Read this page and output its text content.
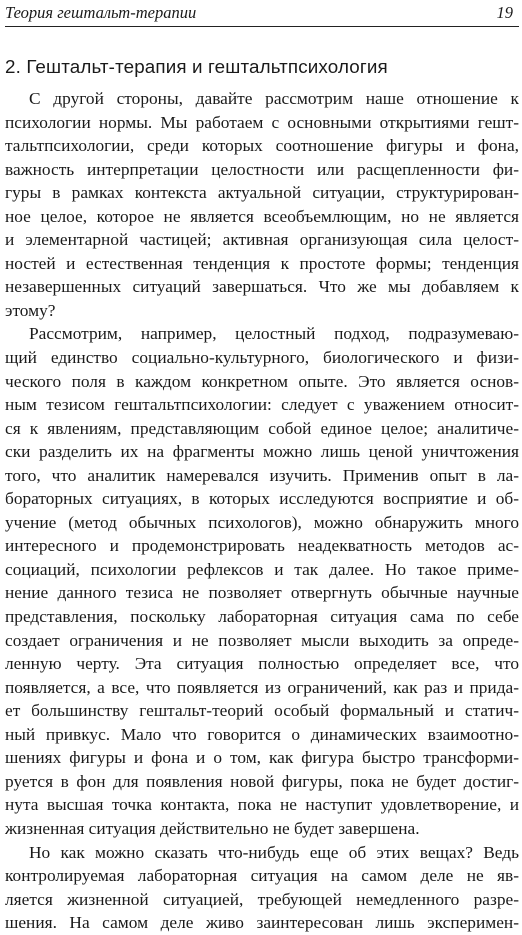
Теория гештальт-терапии	19
2. Гештальт-терапия и гештальтпсихология

С другой стороны, давайте рассмотрим наше отношение к
психологии нормы. Мы работаем с основными открытиями гешт-
тальтпсихологии, среди которых соотношение фигуры и фона,
важность интерпретации целостности или расщепленности фи-
гуры в рамках контекста актуальной ситуации, структурирован-
ное целое, которое не является всеобъемлющим, но не является
и элементарной частицей; активная организующая сила целост-
ностей и естественная тенденция к простоте формы; тенденция
незавершенных ситуаций завершаться. Что же мы добавляем к
этому?

Рассмотрим, например, целостный подход, подразумеваю-
щий единство социально-культурного, биологического и физи-
ческого поля в каждом конкретном опыте. Это является основ-
ным тезисом гештальтпсихологии: следует с уважением относит-
ся к явлениям, представляющим собой единое целое; аналитиче-
ски разделить их на фрагменты можно лишь ценой уничтожения
того, что аналитик намеревался изучить. Применив опыт в ла-
бораторных ситуациях, в которых исследуются восприятие и об-
учение (метод обычных психологов), можно обнаружить много
интересного и продемонстрировать неадекватность методов ас-
социаций, психологии рефлексов и так далее. Но такое приме-
нение данного тезиса не позволяет отвергнуть обычные научные
представления, поскольку лабораторная ситуация сама по себе
создает ограничения и не позволяет мысли выходить за опреде-
ленную черту. Эта ситуация полностью определяет все, что
появляется, а все, что появляется из ограничений, как раз и прида-
ет большинству гештальт-теорий особый формальный и статич-
ный привкус. Мало что говорится о динамических взаимоотно-
шениях фигуры и фона и о том, как фигура быстро трансформи-
руется в фон для появления новой фигуры, пока не будет достиг-
нута высшая точка контакта, пока не наступит удовлетворение, и
жизненная ситуация действительно не будет завершена.

Но как можно сказать что-нибудь еще об этих вещах? Ведь
контролируемая лабораторная ситуация на самом деле не яв-
ляется жизненной ситуацией, требующей немедленного разре-
шения. На самом деле живо заинтересован лишь эксперимен-
